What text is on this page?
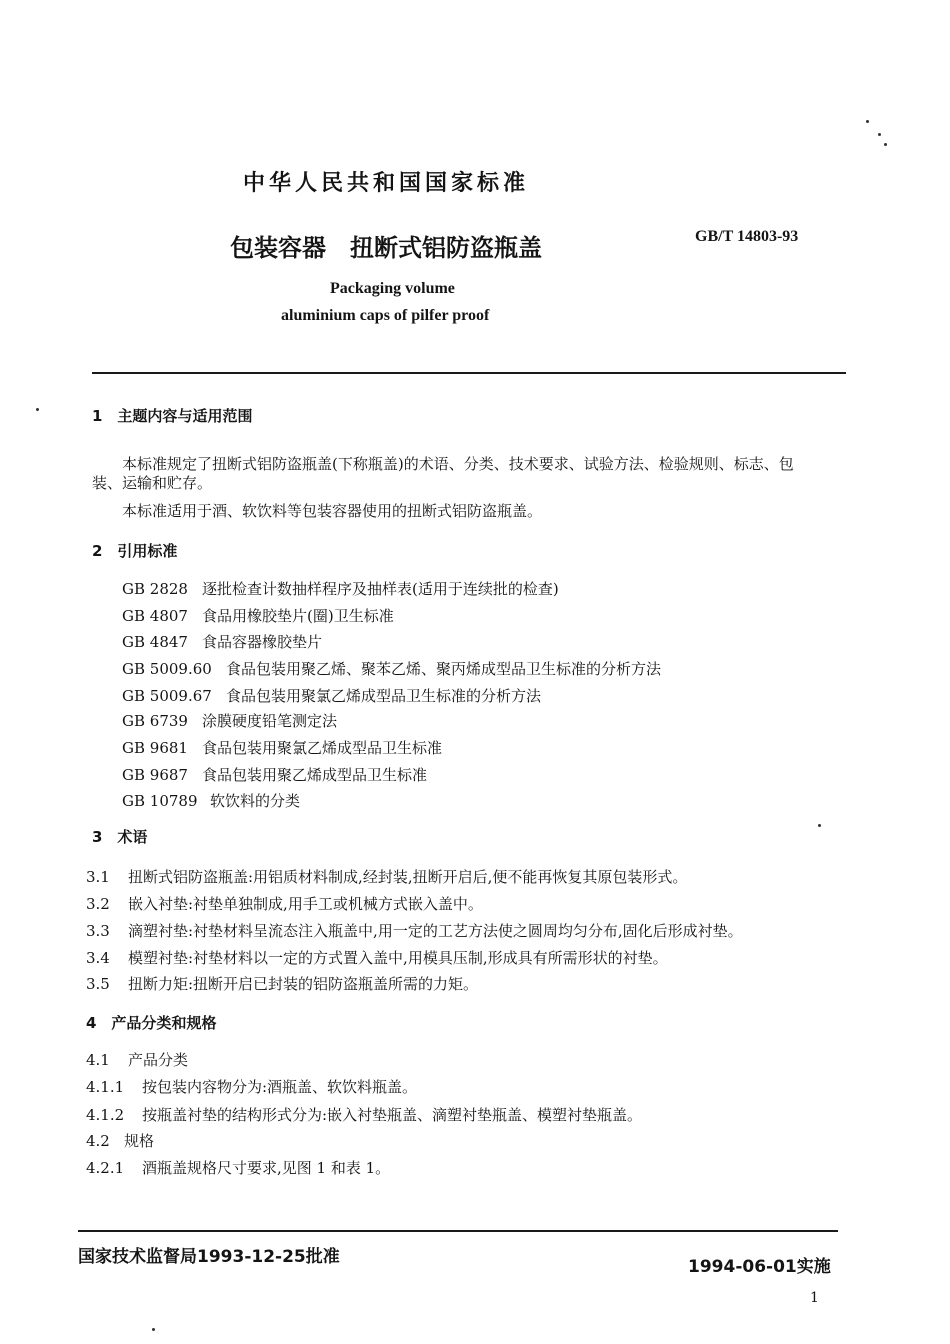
中华人民共和国国家标准
包装容器　扭断式铝防盗瓶盖	GB/T 14803-93
Packaging volume
aluminium caps of pilfer proof
1　主题内容与适用范围
本标准规定了扭断式铝防盗瓶盖(下称瓶盖)的术语、分类、技术要求、试验方法、检验规则、标志、包
装、运输和贮存。
本标准适用于酒、软饮料等包装容器使用的扭断式铝防盗瓶盖。
2　引用标准
GB 2828 逐批检查计数抽样程序及抽样表(适用于连续批的检查)
GB 4807 食品用橡胶垫片(圈)卫生标准
GB 4847 食品容器橡胶垫片
GB 5009.60 食品包装用聚乙烯、聚苯乙烯、聚丙烯成型品卫生标准的分析方法
GB 5009.67 食品包装用聚氯乙烯成型品卫生标准的分析方法
GB 6739 涂膜硬度铅笔测定法
GB 9681 食品包装用聚氯乙烯成型品卫生标准
GB 9687 食品包装用聚乙烯成型品卫生标准
GB 10789 软饮料的分类
3　术语
3.1 扭断式铝防盗瓶盖:用铝质材料制成,经封装,扭断开启后,便不能再恢复其原包装形式。
3.2 嵌入衬垫:衬垫单独制成,用手工或机械方式嵌入盖中。
3.3 滴塑衬垫:衬垫材料呈流态注入瓶盖中,用一定的工艺方法使之圆周均匀分布,固化后形成衬垫。
3.4 模塑衬垫:衬垫材料以一定的方式置入盖中,用模具压制,形成具有所需形状的衬垫。
3.5 扭断力矩:扭断开启已封装的铝防盗瓶盖所需的力矩。
4　产品分类和规格
4.1 产品分类
4.1.1 按包装内容物分为:酒瓶盖、软饮料瓶盖。
4.1.2 按瓶盖衬垫的结构形式分为:嵌入衬垫瓶盖、滴塑衬垫瓶盖、模塑衬垫瓶盖。
4.2 规格
4.2.1 酒瓶盖规格尺寸要求,见图 1 和表 1。
国家技术监督局1993-12-25批准	1994-06-01实施
1
